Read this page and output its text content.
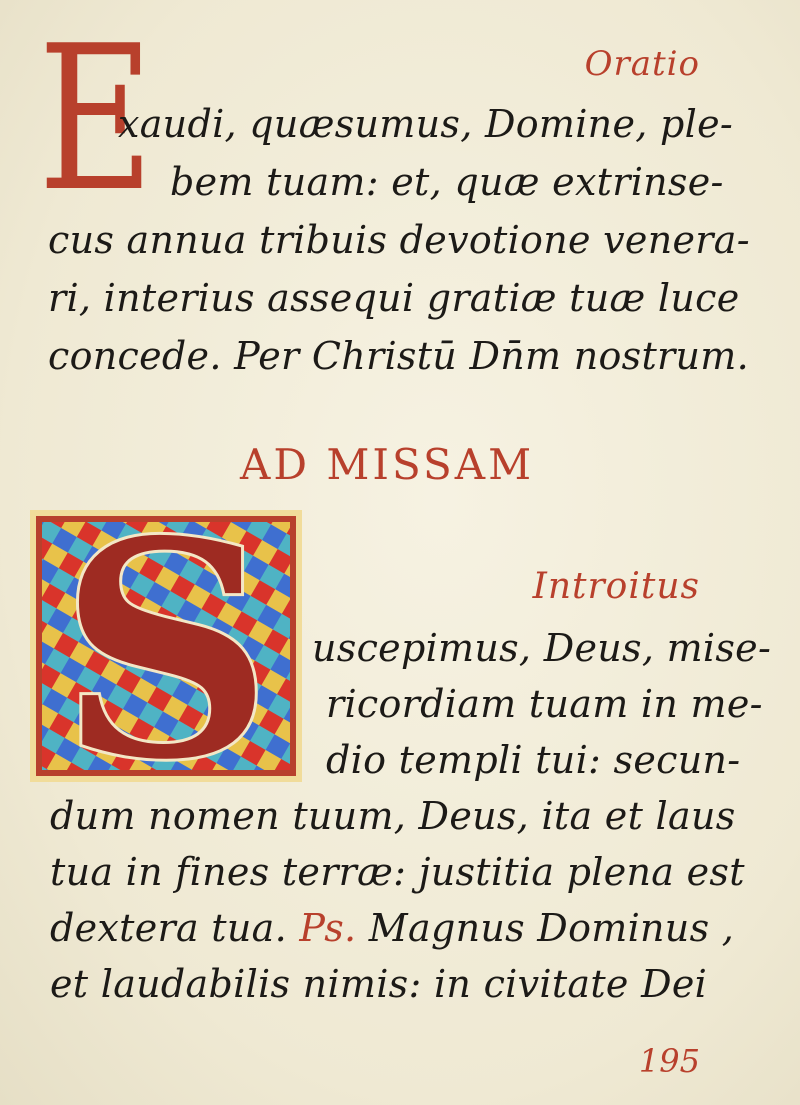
Oratio
E
xaudi, quæsumus, Domine, ple-
bem tuam: et, quæ extrinse-
cus annua tribuis devotione venera-
ri, interius assequi gratiæ tuæ luce
concede. Per Christū Dn̄m nostrum.
AD MISSAM
S	Introitus
uscepimus, Deus, mise-
ricordiam tuam in me-
dio templi tui: secun-
dum nomen tuum, Deus, ita et laus
tua in fines terræ: justitia plena est
dextera tua. Ps. Magnus Dominus ,
et laudabilis nimis: in civitate Dei
195
